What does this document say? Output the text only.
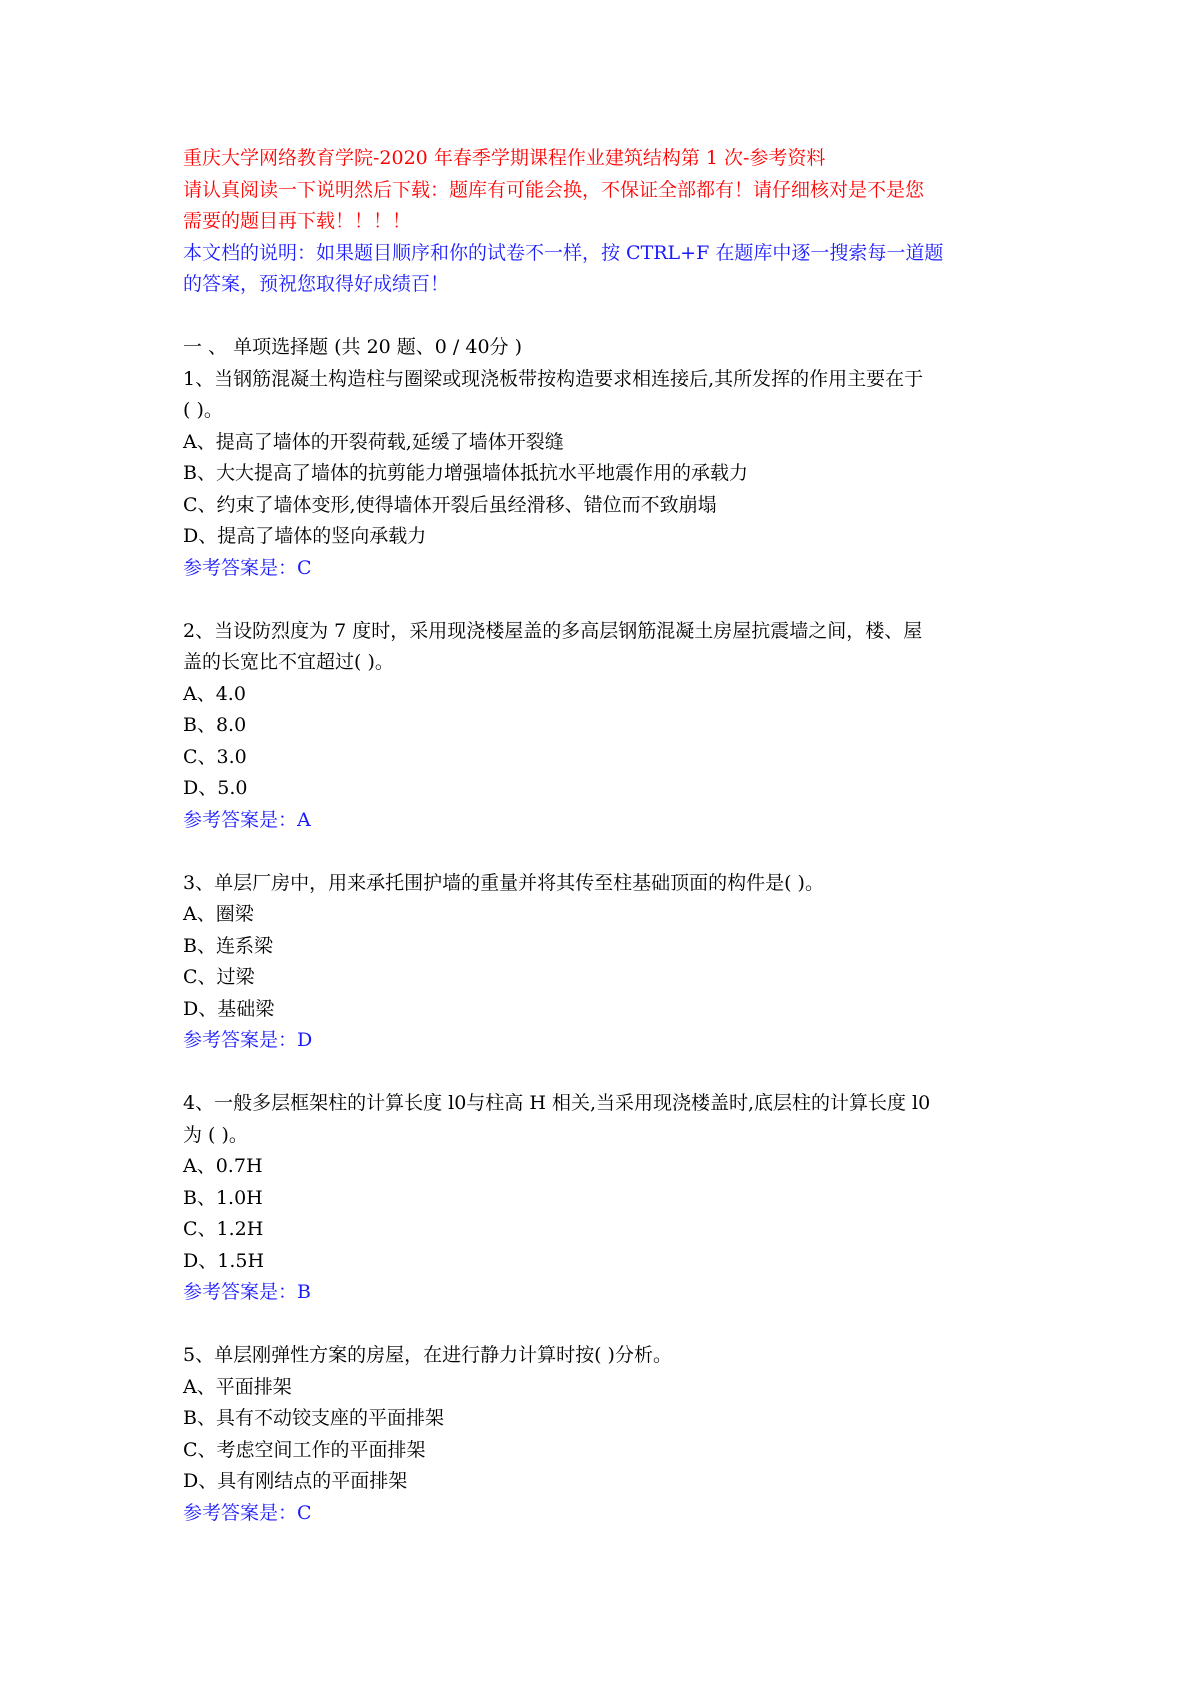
重庆大学网络教育学院-2020 年春季学期课程作业建筑结构第 1 次-参考资料

请认真阅读一下说明然后下载：题库有可能会换，不保证全部都有！请仔细核对是不是您

需要的题目再下载！！！！

本文档的说明：如果题目顺序和你的试卷不一样，按 CTRL+F 在题库中逐一搜索每一道题

的答案，预祝您取得好成绩百！

一 、 单项选择题 (共 20 题、0 / 40分 )

1、当钢筋混凝土构造柱与圈梁或现浇板带按构造要求相连接后,其所发挥的作用主要在于

( )。

A、提高了墙体的开裂荷载,延缓了墙体开裂缝

B、大大提高了墙体的抗剪能力增强墙体抵抗水平地震作用的承载力

C、约束了墙体变形,使得墙体开裂后虽经滑移、错位而不致崩塌

D、提高了墙体的竖向承载力

参考答案是：C

2、当设防烈度为 7 度时，采用现浇楼屋盖的多高层钢筋混凝土房屋抗震墙之间，楼、屋

盖的长宽比不宜超过( )。

A、4.0

B、8.0

C、3.0

D、5.0

参考答案是：A

3、单层厂房中，用来承托围护墙的重量并将其传至柱基础顶面的构件是( )。

A、圈梁

B、连系梁

C、过梁

D、基础梁

参考答案是：D

4、一般多层框架柱的计算长度 l0与柱高 H 相关,当采用现浇楼盖时,底层柱的计算长度 l0

为 ( )。

A、0.7H

B、1.0H

C、1.2H

D、1.5H

参考答案是：B

5、单层刚弹性方案的房屋，在进行静力计算时按( )分析。

A、平面排架

B、具有不动铰支座的平面排架

C、考虑空间工作的平面排架

D、具有刚结点的平面排架

参考答案是：C
